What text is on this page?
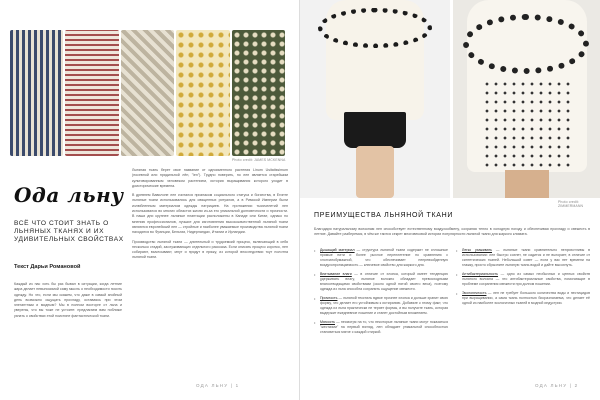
Photo credit: JAMES MCKENNA
Ода льну
ВСЁ ЧТО СТОИТ ЗНАТЬ О ЛЬНЯНЫХ ТКАНЯХ И ИХ УДИВИТЕЛЬНЫХ СВОЙСТВАХ
Текст Дарьи Романовой

Каждый из нас хоть бы раз бывал в ситуации, когда летние жара делает невыносимой саму мысль о необходимости носить одежду. Но что, если мы скажем, что даже в самый знойный день возможно ощущать прохладу, оставаясь при этом элегантным и модным? Мы в полном восторге от льна и уверены, что вы тоже не устоите: предлагаем вам поближе узнать о свойствах этой поистине фантастической ткани.

Льняная ткань берет свое название от одноименного растения Linum Usitatissimum (посевной или прядильной лён, "len"). Трудно поверить, но лен является старейшим культивированным человеком растением, история выращивания которого уходит в доисторические времена.

В древнем Вавилоне лен считался признаком социального статуса и богатства, в Египте льняные ткани использовались для священных ритуалов, а в Римской Империи были излюбленным материалом одежды патрициев. На протяжении тысячелетий лен использовался во многих областях жизни из-за его уникальной долговечности и прочности. В наши дни крупнее льняные плантации расположены в Канаде или Китае, однако по мнению профессионалов, лучшие для изготовления высококачественной льняной ткани являются европейский лен — стройные и наиболее уважаемые производства льняной ткани находятся во Франции, Бельгии, Нидерландах, Италии и Ирландии.

Производство льняной ткани — длительный и трудоемкий процесс, включающий в себя несколько стадий, заслуживающих отдельного рассказа. Если описать процесс коротко, лен собирают, вычесывают, мнут и прядут в пряжу, из которой впоследствии ткут полотна льняной ткани.

ОДА ЛЬНУ | 1
Photo credit: ZIMMERMANN
ПРЕИМУЩЕСТВА ЛЬНЯНОЙ ТКАНИ
Благодаря натуральному волокнам лен способствует естественному воздухообмену, сохраняя тепло в холодную погоду и обеспечивая прохладу и свежесть в летние. Давайте разберемся, в чём же таится секрет многовековой истории популярности льняной ткани для жаркого климата.
• Дышащий материал — структура льняной ткани содержит не сплошные прямые нити и более рыхлое переплетение по сравнению с хлопчатобумажной, что обеспечивает непревзойденную воздухопроницаемость — ключевое свойство для жаркого дня.
• Впитывание влаги — в отличие от хлопка, который имеет тенденцию удерживать влагу, льняное волокно обладает превосходными влагоотводящими свойствами (около одной пятой своего веса), поэтому одежда из льна способна сохранять ощущение свежести.
• Прочность — льняной текстиль вдвое прочнее хлопка и дольше хранит свою форму, что делает его устойчивым к истиранию. Добавьте к этому факт, что одежда из льна практически не теряет формы, и вы получите ткань, которая выдержит ежедневное ношение и станет достойным вложением.
• Мягкость — несмотря на то, что некоторые льняные ткани могут показаться "жесткими" на первый взгляд, лен обладает уникальной способностью становиться мягче с каждой стиркой.
• Легко ухаживать — льняные ткани сравнительно неприхотливы в использовании: лен быстро сохнет, не садится и не выгорает, в отличие от синтетических тканей. Небольшой совет — если у вас нет времени на глажку, просто сбрызните льняную ткань водой и дайте высохнуть.
• Антибактериальность — одно из самых необычных и ценных свойств льняного волокна — это антибактериальные свойства, помогающие в проблеме сохранения свежести при долгом ношении.
• Экологичность — лен не требует большого количества воды и пестицидов при выращивании, а сама ткань полностью биоразлагаема, что делает её одной из наиболее экологичных тканей в модной индустрии.
ОДА ЛЬНУ | 2
